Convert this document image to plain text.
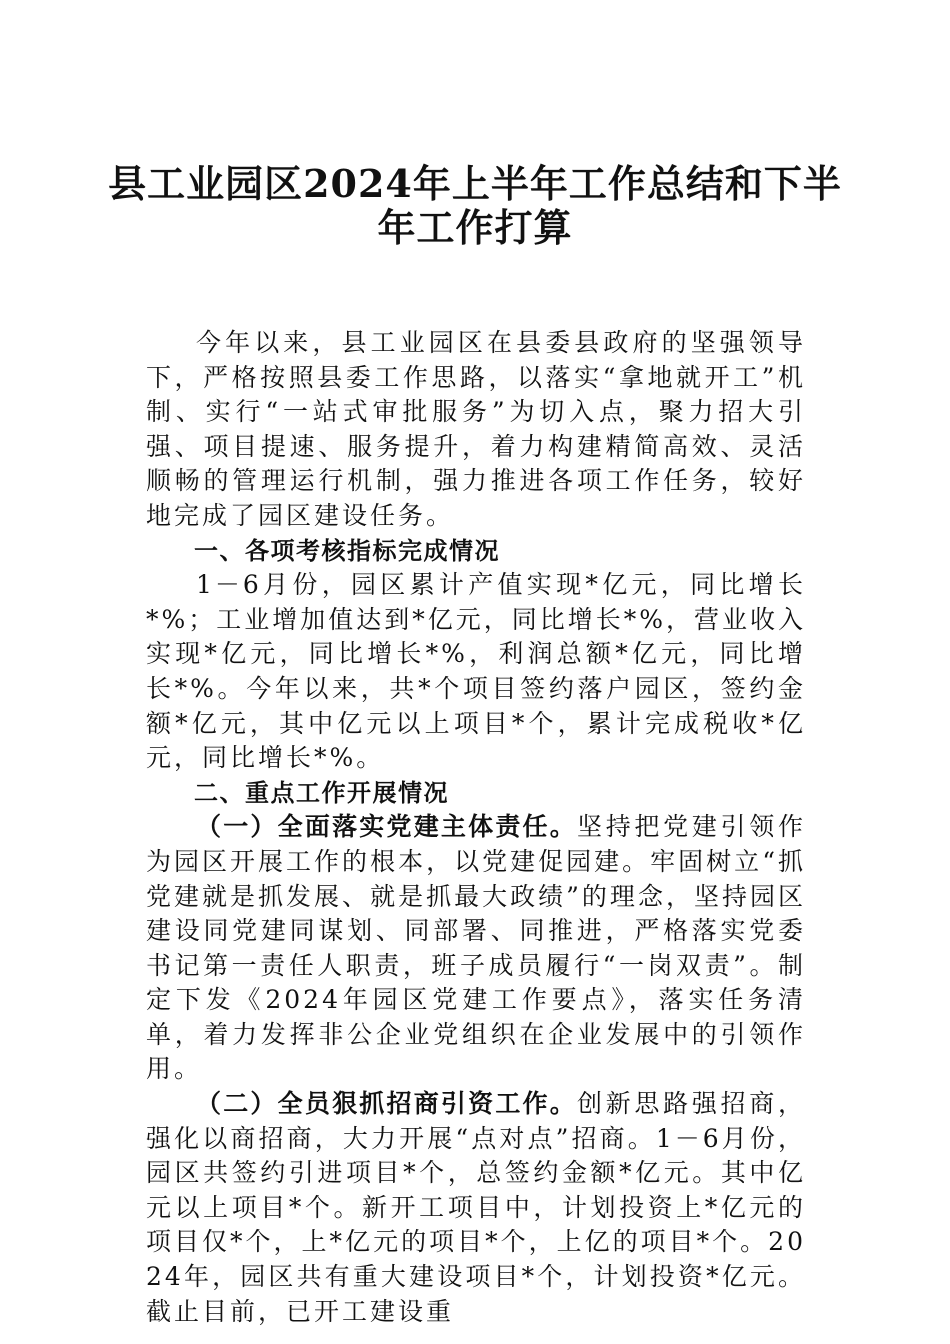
县工业园区2024年上半年工作总结和下半
年工作打算

今年以来，县工业园区在县委县政府的坚强领导下，严格按照县委工作思路，以落实“拿地就开工”机制、实行“一站式审批服务”为切入点，聚力招大引强、项目提速、服务提升，着力构建精简高效、灵活顺畅的管理运行机制，强力推进各项工作任务，较好地完成了园区建设任务。

一、各项考核指标完成情况

1－6月份，园区累计产值实现*亿元，同比增长*%；工业增加值达到*亿元，同比增长*%，营业收入实现*亿元，同比增长*%，利润总额*亿元，同比增长*%。今年以来，共*个项目签约落户园区，签约金额*亿元，其中亿元以上项目*个，累计完成税收*亿元，同比增长*%。

二、重点工作开展情况

（一）全面落实党建主体责任。坚持把党建引领作为园区开展工作的根本，以党建促园建。牢固树立“抓党建就是抓发展、就是抓最大政绩”的理念，坚持园区建设同党建同谋划、同部署、同推进，严格落实党委书记第一责任人职责，班子成员履行“一岗双责”。制定下发《2024年园区党建工作要点》，落实任务清单，着力发挥非公企业党组织在企业发展中的引领作用。

（二）全员狠抓招商引资工作。创新思路强招商，强化以商招商，大力开展“点对点”招商。1－6月份，园区共签约引进项目*个，总签约金额*亿元。其中亿元以上项目*个。新开工项目中，计划投资上*亿元的项目仅*个，上*亿元的项目*个，上亿的项目*个。2024年，园区共有重大建设项目*个，计划投资*亿元。截止目前，已开工建设重
